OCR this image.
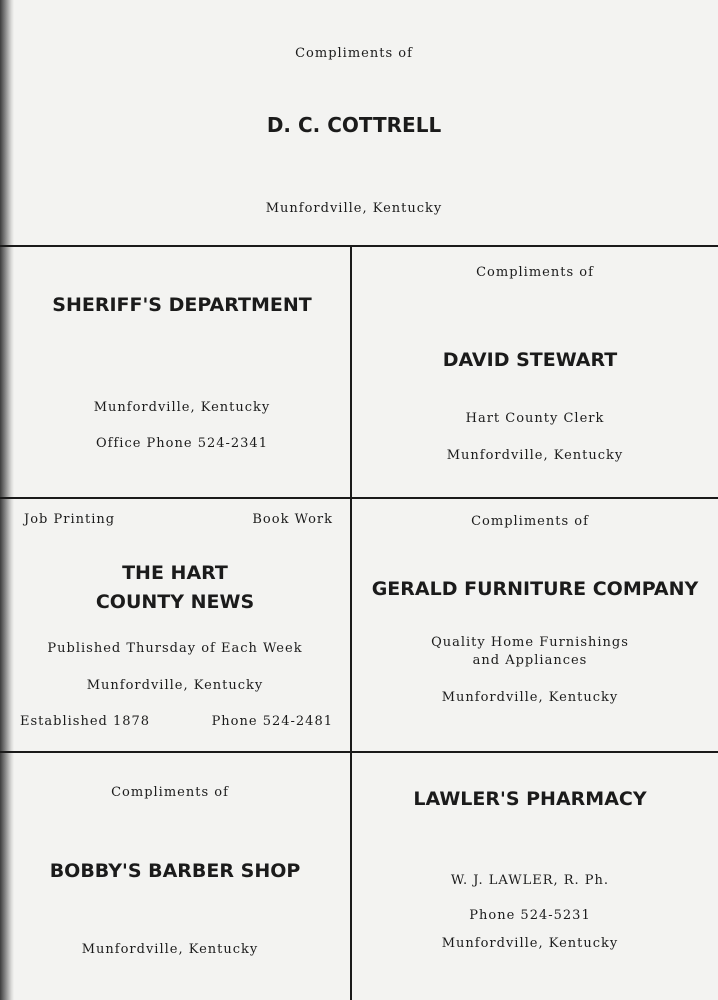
Compliments of
D. C. COTTRELL
Munfordville, Kentucky
SHERIFF'S DEPARTMENT
Munfordville, Kentucky
Office Phone 524-2341
Compliments of
DAVID STEWART
Hart County Clerk
Munfordville, Kentucky
Job Printing	Book Work
THE HART
COUNTY NEWS
Published Thursday of Each Week
Munfordville, Kentucky
Established 1878	Phone 524-2481
Compliments of
GERALD FURNITURE COMPANY
Quality Home Furnishings
and Appliances
Munfordville, Kentucky
Compliments of
BOBBY'S BARBER SHOP
Munfordville, Kentucky
LAWLER'S PHARMACY
W. J. LAWLER, R. Ph.
Phone 524-5231
Munfordville, Kentucky
